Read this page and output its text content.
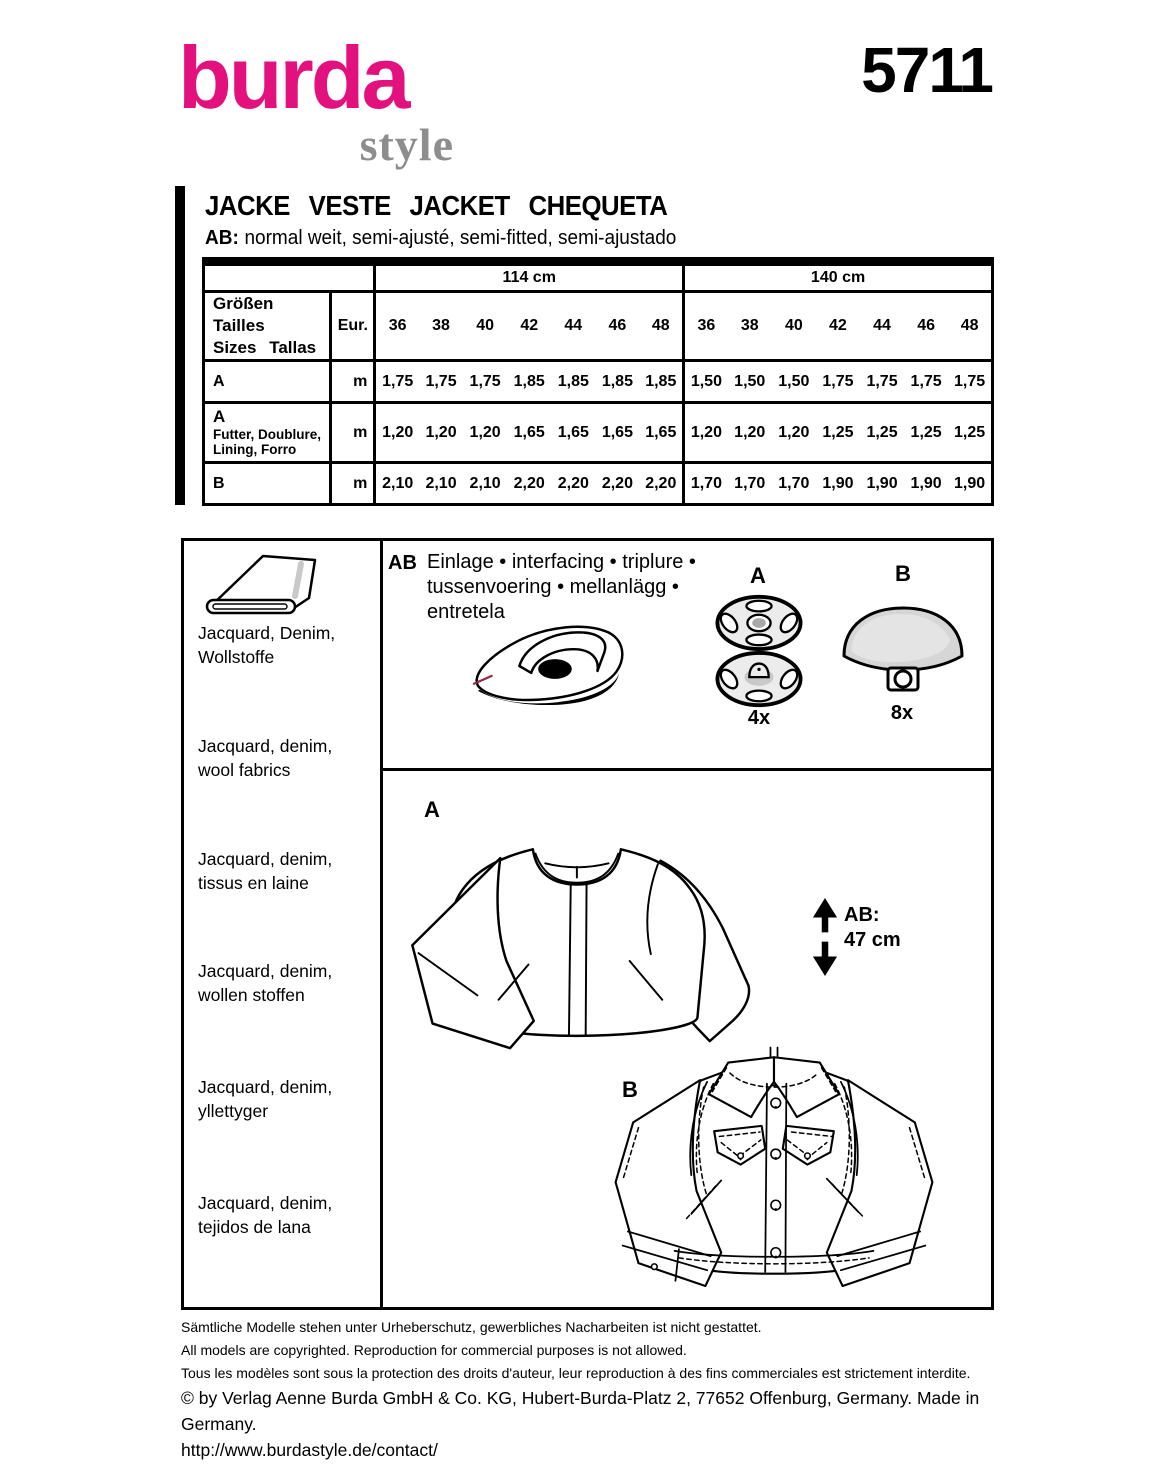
burda
style
5711
JACKE VESTE JACKET CHEQUETA
AB: normal weit, semi-ajusté, semi-fitted, semi-ajustado
		114 cm							140 cm						

Größen Tailles
Sizes Tallas	Eur.	36	38	40	42	44	46	48	36	38	40	42	44	46	48
A	m	1,75	1,75	1,75	1,85	1,85	1,85	1,85	1,50	1,50	1,50	1,75	1,75	1,75	1,75

A
Futter, Doublure, Lining, Forro	m	1,20	1,20	1,20	1,65	1,65	1,65	1,65	1,20	1,20	1,20	1,25	1,25	1,25	1,25
B	m	2,10	2,10	2,10	2,20	2,20	2,20	2,20	1,70	1,70	1,70	1,90	1,90	1,90	1,90
Jacquard, Denim, Wollstoffe
Jacquard, denim, wool fabrics
Jacquard, denim, tissus en laine
Jacquard, denim, wollen stoffen
Jacquard, denim, yllettyger
Jacquard, denim, tejidos de lana
AB Einlage • interfacing • triplure • tussenvoering • mellanlägg • entretela
A
4x
B
8x
A
AB:
47 cm
B
Sämtliche Modelle stehen unter Urheberschutz, gewerbliches Nacharbeiten ist nicht gestattet.
All models are copyrighted. Reproduction for commercial purposes is not allowed.
Tous les modèles sont sous la protection des droits d'auteur, leur reproduction à des fins commerciales est strictement interdite.
© by Verlag Aenne Burda GmbH & Co. KG, Hubert-Burda-Platz 2, 77652 Offenburg, Germany. Made in Germany.
http://www.burdastyle.de/contact/
